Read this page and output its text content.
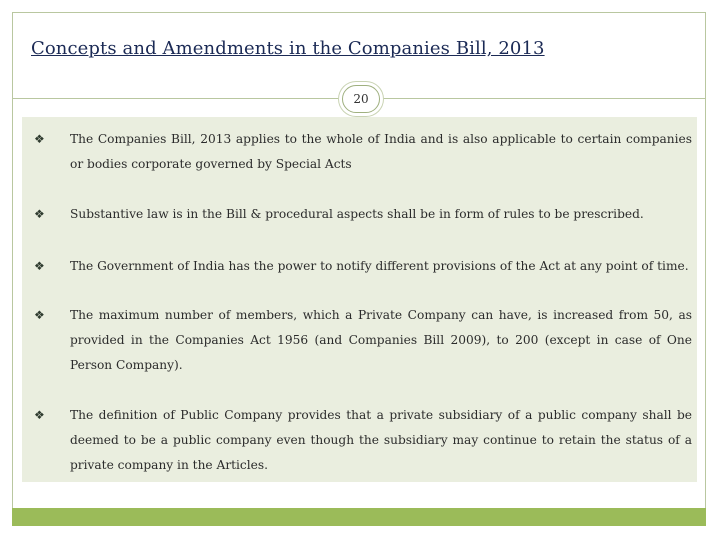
Concepts and Amendments in the Companies Bill, 2013
20
❖	The Companies Bill, 2013 applies to the whole of India and is also applicable to certain companies or bodies corporate governed by Special Acts
❖	Substantive law is in the Bill & procedural aspects shall be in form of rules to be prescribed.
❖	The Government of India has the power to notify different provisions of the Act at any point of time.
❖	The maximum number of members, which a Private Company can have, is increased from 50, as provided in the Companies Act 1956 (and Companies Bill 2009), to 200 (except in case of One Person Company).
❖	The definition of Public Company provides that a private subsidiary of a public company shall be deemed to be a public company even though the subsidiary may continue to retain the status of a private company in the Articles.
